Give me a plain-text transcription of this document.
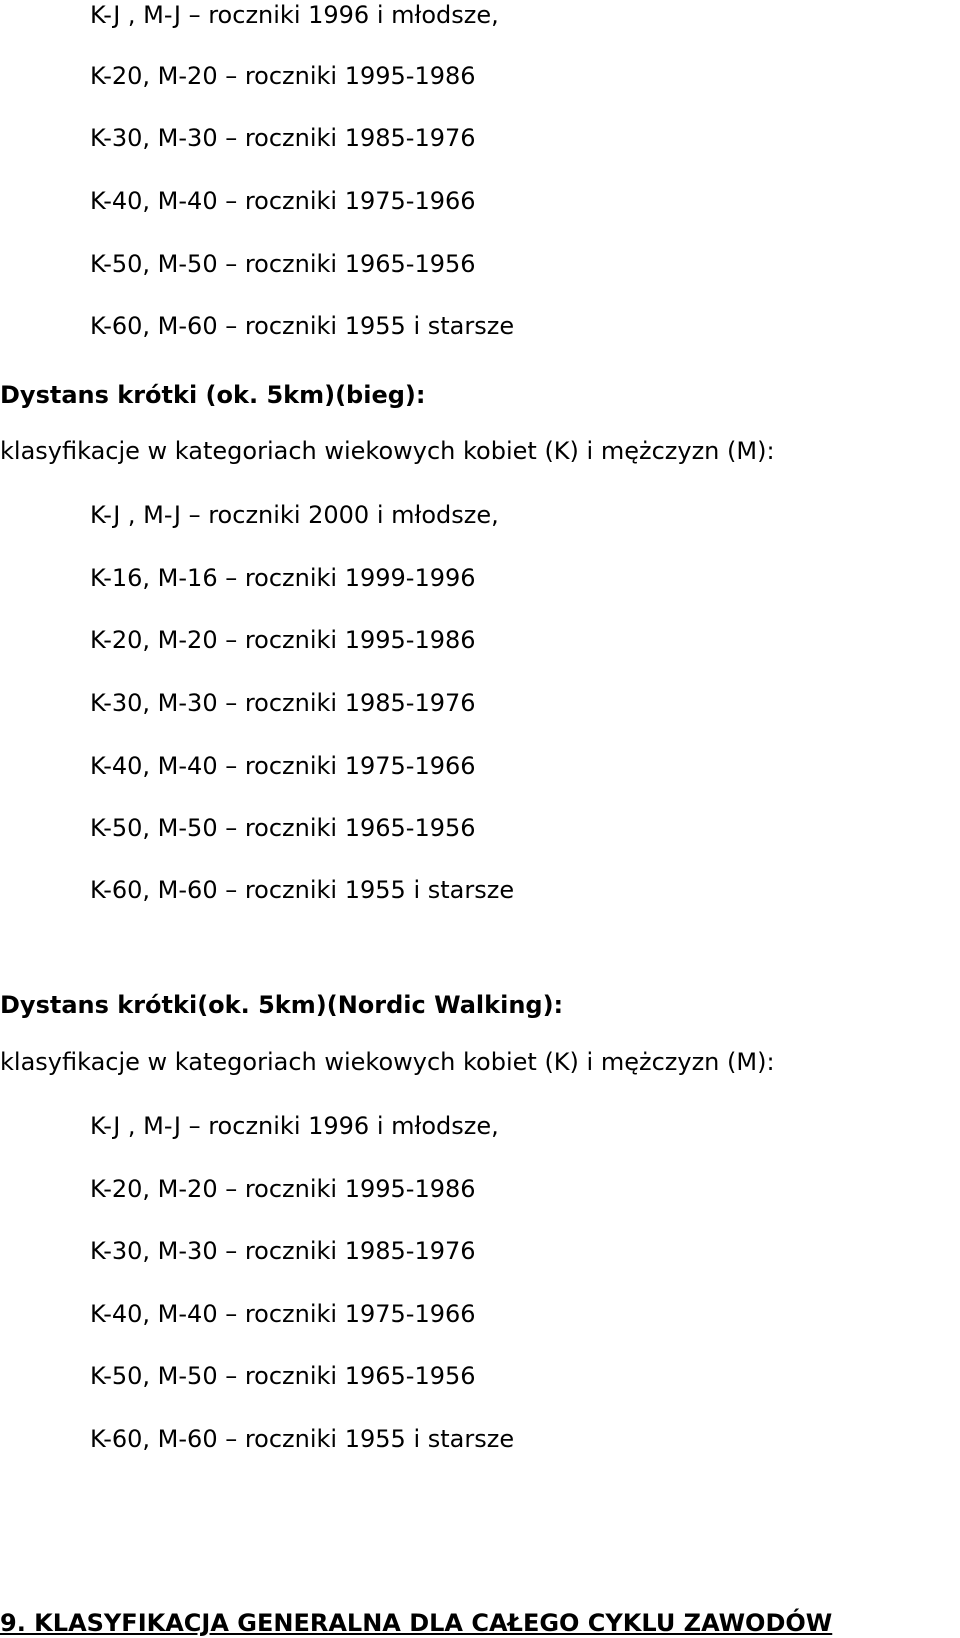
K-J , M-J – roczniki 1996 i młodsze,
K-20, M-20 – roczniki 1995-1986
K-30, M-30 – roczniki 1985-1976
K-40, M-40 – roczniki 1975-1966
K-50, M-50 – roczniki 1965-1956
K-60, M-60 – roczniki 1955 i starsze
Dystans krótki (ok. 5km)(bieg):
klasyfikacje w kategoriach wiekowych kobiet (K) i mężczyzn (M):
K-J , M-J – roczniki 2000 i młodsze,
K-16, M-16 – roczniki 1999-1996
K-20, M-20 – roczniki 1995-1986
K-30, M-30 – roczniki 1985-1976
K-40, M-40 – roczniki 1975-1966
K-50, M-50 – roczniki 1965-1956
K-60, M-60 – roczniki 1955 i starsze
Dystans krótki(ok. 5km)(Nordic Walking):
klasyfikacje w kategoriach wiekowych kobiet (K) i mężczyzn (M):
K-J , M-J – roczniki 1996 i młodsze,
K-20, M-20 – roczniki 1995-1986
K-30, M-30 – roczniki 1985-1976
K-40, M-40 – roczniki 1975-1966
K-50, M-50 – roczniki 1965-1956
K-60, M-60 – roczniki 1955 i starsze
9. KLASYFIKACJA GENERALNA DLA CAŁEGO CYKLU ZAWODÓW
